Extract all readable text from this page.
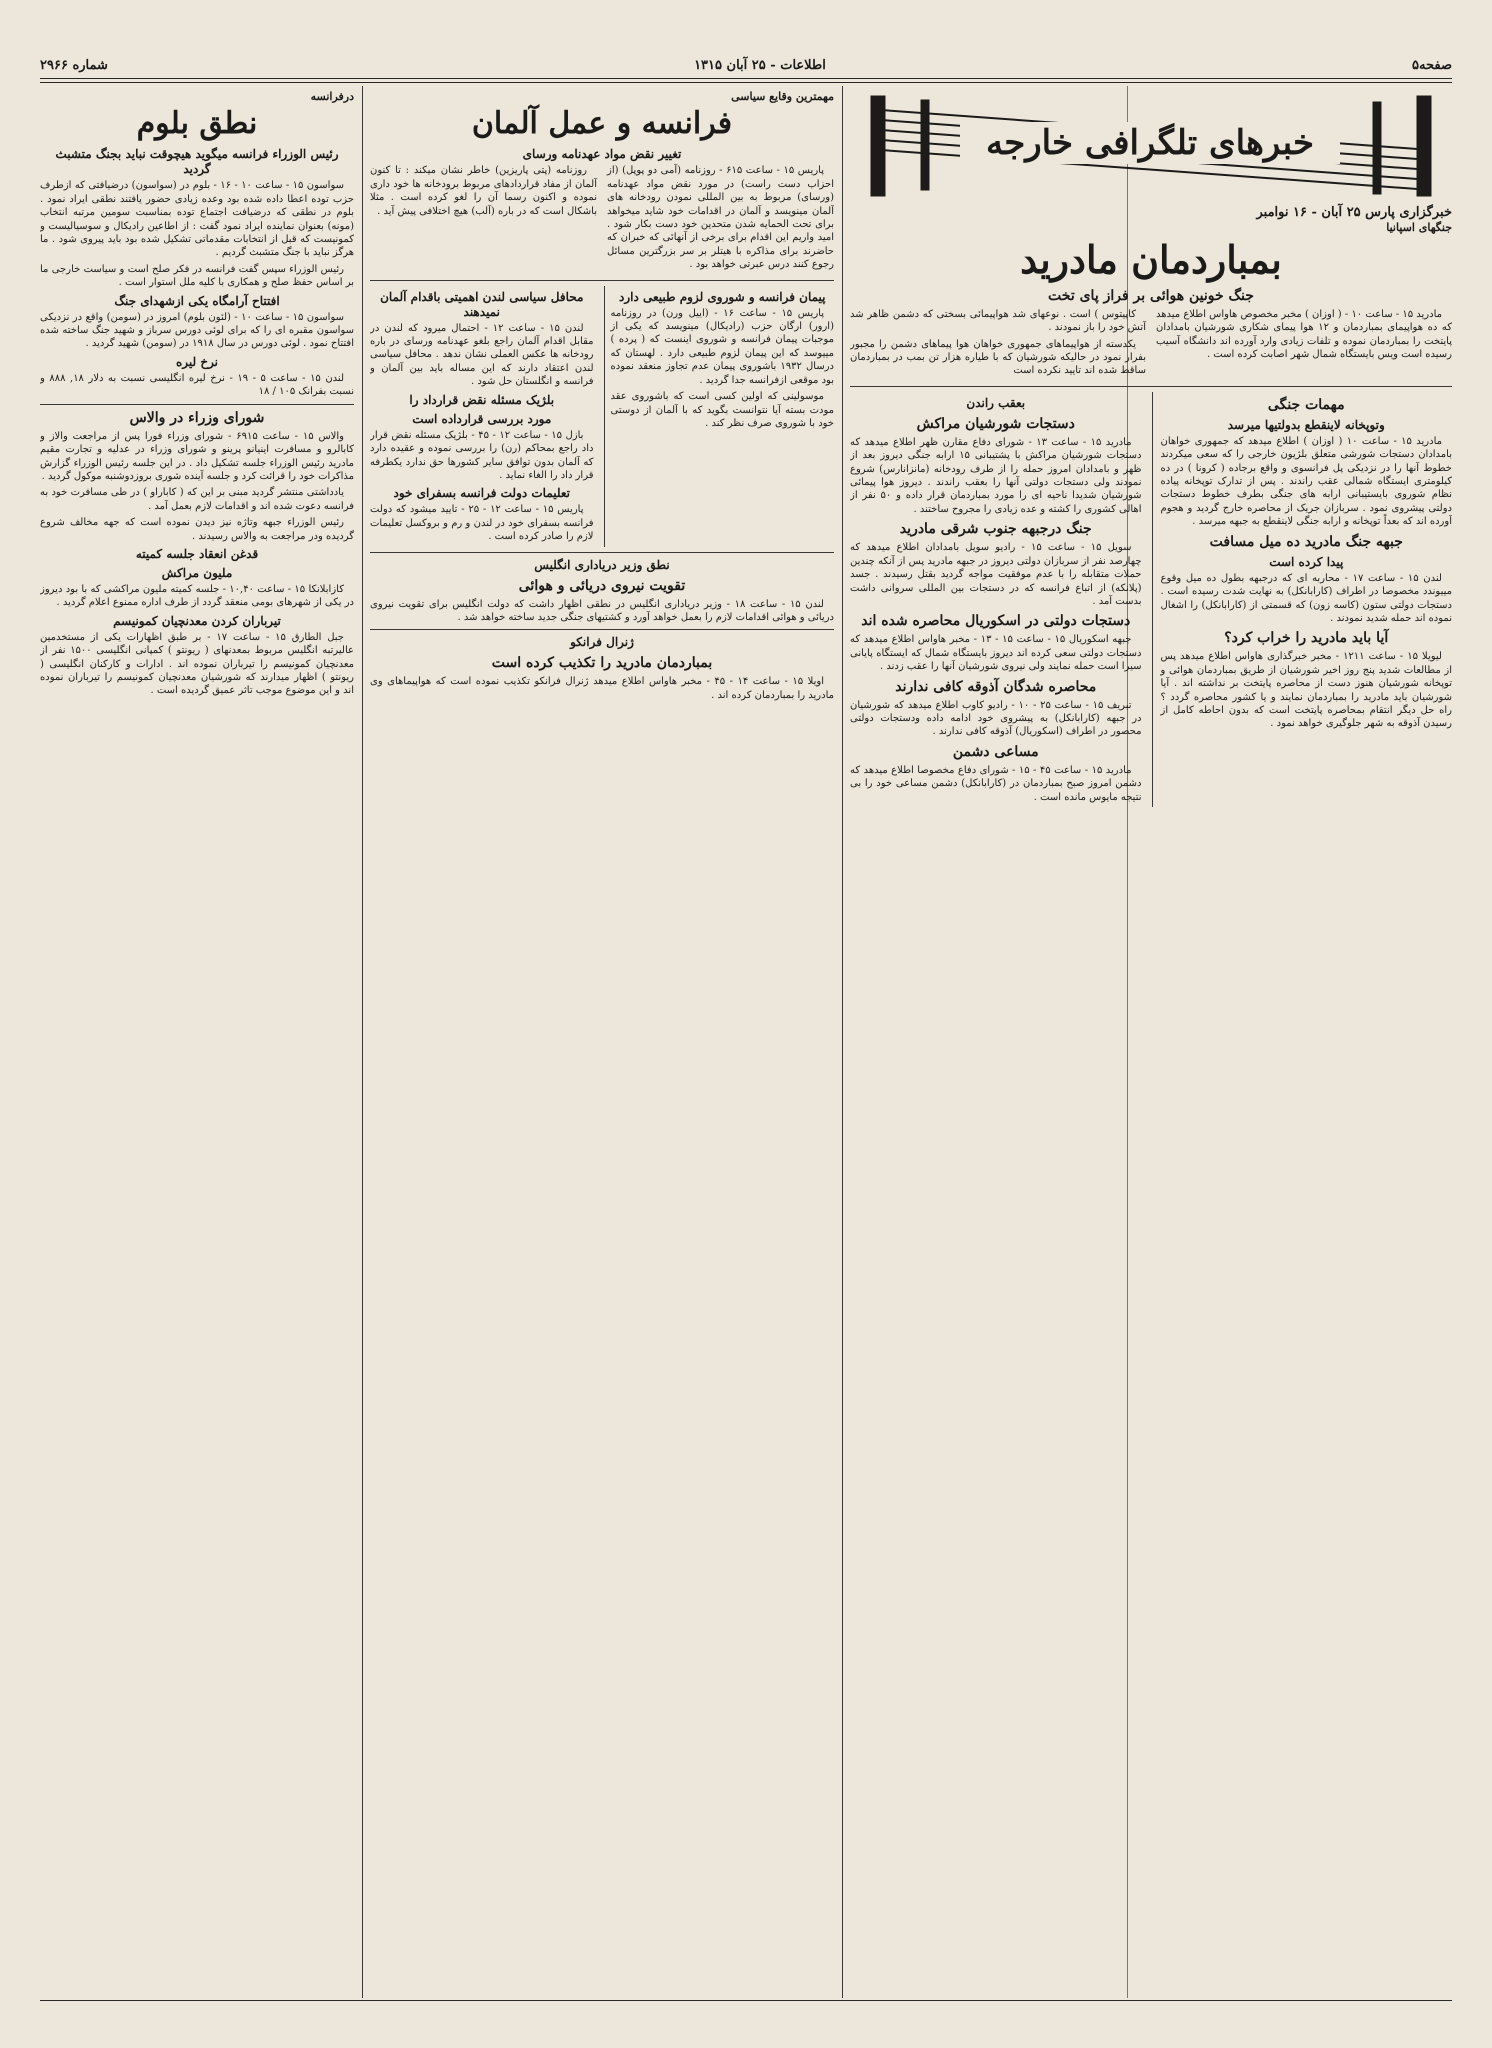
صفحه۵
اطلاعات - ۲۵ آبان ۱۳۱۵
شماره ۲۹۶۶
خبرهای تلگرافی خارجه
خبرگزاری پارس ۲۵ آبان - ۱۶ نوامبر
جنگهای اسپانیا
بمباردمان مادرید
جنگ خونین هوائی بر فراز پای تخت

مادرید ۱۵ - ساعت ۱۰ - ( اوزان ) مخبر مخصوص هاواس اطلاع میدهد که ده هواپیمای بمباردمان و ۱۲ هوا پیمای شکاری شورشیان بامدادان پایتخت را بمباردمان نموده و تلفات زیادی وارد آورده اند دانشگاه آسیب رسیده است ویس بایستگاه شمال شهر اصابت کرده است .

کاپیتوس ) است . نوعهای شد هواپیمائی بسختی که دشمن ظاهر شد آتش خود را باز نمودند .

یکدسته از هواپیماهای جمهوری خواهان هوا پیماهای دشمن را مجبور بفرار نمود در حالیکه شورشیان که با طیاره هزار تن بمب در بمباردمان ساقط شده اند تایید نکرده است

مهمات جنگی
وتوپخانه لاینقطع بدولتیها میرسد

مادرید ۱۵ - ساعت ۱۰ ( اوزان ) اطلاع میدهد که جمهوری خواهان بامدادان دستجات شورشی متعلق بلژیون خارجی را که سعی میکردند خطوط آنها را در نزدیکی پل فرانسوی و واقع برجاده ( کرونا ) در ده کیلومتری ایستگاه شمالی عقب راندند . پس از تدارک توپخانه پیاده نظام شوروی بایستیبانی ارابه های جنگی بطرف خطوط دستجات دولتی پیشروی نمود . سربازان جریک از محاصره خارج گردید و هجوم آورده اند که بعداً توپخانه و ارابه جنگی لاینقطع به جبهه میرسد .

جبهه جنگ مادرید ده میل مسافت
پیدا کرده است

لندن ۱۵ - ساعت ۱۷ - محاربه ای که درجبهه بطول ده میل وقوع مییوندد مخصوصا در اطراف (کارابانکل) به نهایت شدت رسیده است . دستجات دولتی ستون (کاسه زون) که قسمتی از (کارابانکل) را اشغال نموده اند حمله شدید نمودند .

آیا باید مادرید را خراب کرد؟

لیویلا ۱۵ - ساعت ۱۲۱۱ - مخبر خبرگذاری هاواس اطلاع میدهد پس از مطالعات شدید پنج روز اخیر شورشیان از طریق بمباردمان هوائی و توپخانه شورشیان هنوز دست از محاصره پایتخت بر نداشته اند . آیا شورشیان باید مادرید را بمباردمان نمایند و یا کشور محاصره گردد ؟ راه حل دیگر انتقام بمحاصره پایتخت است که بدون احاطه کامل از رسیدن آذوقه به شهر جلوگیری خواهد نمود .

بعقب راندن
دستجات شورشیان مراکش

مادرید ۱۵ - ساعت ۱۳ - شورای دفاع مقارن ظهر اطلاع میدهد که دستجات شورشیان مراکش با پشتیبانی ۱۵ ارابه جنگی دیروز بعد از ظهر و بامدادان امروز حمله را از طرف رودخانه (مانزانارس) شروع نمودند ولی دستجات دولتی آنها را بعقب راندند . دیروز هوا پیمائی شورشیان شدیدا ناحیه ای را مورد بمباردمان قرار داده و ۵۰ نفر از اهالی کشوری را کشته و عده زیادی را مجروح ساختند .

جنگ درجبهه جنوب شرقی مادرید

سویل ۱۵ - ساعت ۱۵ - رادیو سویل بامدادان اطلاع میدهد که چهارصد نفر از سربازان دولتی دیروز در جبهه مادرید پس از آنکه چندین حملات متقابله را با عدم موفقیت مواجه گردید بقتل رسیدند . جسد (پلانکه) از اتباع فرانسه که در دستجات بین المللی سروانی داشت بدست آمد .

دستجات دولتی در اسکوریال محاصره شده اند

جبهه اسکوریال ۱۵ - ساعت ۱۵ - ۱۳ - مخبر هاواس اطلاع میدهد که دستجات دولتی سعی کرده اند دیروز بایستگاه شمال که ایستگاه پایانی سیرا است حمله نمایند ولی نیروی شورشیان آنها را عقب زدند .

محاصره شدگان آذوقه کافی ندارند

تبریف ۱۵ - ساعت ۲۵ - ۱۰ - رادیو کاوب اطلاع میدهد که شورشیان در جبهه (کارابانکل) به پیشروی خود ادامه داده ودستجات دولتی محصور در اطراف (اسکوریال) آذوقه کافی ندارند .

مساعی دشمن

مادرید ۱۵ - ساعت ۴۵ - ۱۵ - شورای دفاع مخصوصا اطلاع میدهد که دشمن امروز صبح بمباردمان در (کارابانکل) دشمن مساعی خود را بی نتیجه مایوس مانده است .

مهمترین وقایع سیاسی
فرانسه و عمل آلمان
تغییر نقض مواد عهدنامه ورسای

پاریس ۱۵ - ساعت ۶۱۵ - روزنامه (آمی دو پوپل) (از احزاب دست راست) در مورد نقض مواد عهدنامه (ورسای) مربوط به بین المللی نمودن رودخانه های آلمان مینویسد و آلمان در اقدامات خود شاید میخواهد برای تحت الحمایه شدن متحدین خود دست بکار شود . امید واریم این اقدام برای برخی از آنهائی که خبران که حاضرند برای مذاکره با هیتلر بر سر بزرگترین مسائل رجوع کنند درس عبرتی خواهد بود .

روزنامه (پتی پاریزین) خاطر نشان میکند : تا کنون آلمان از مفاد قراردادهای مربوط برودخانه ها خود داری نموده و اکنون رسما آن را لغو کرده است . مثلا باشکال است که در باره (آلب) هیچ اختلافی پیش آید .

پیمان فرانسه و شوروی لزوم طبیعی دارد

پاریس ۱۵ - ساعت ۱۶ - (اییل ورن) در روزنامه (ارور) ارگان حزب (رادیکال) مینویسد که یکی از موجبات پیمان فرانسه و شوروی اینست که ( پرده ) مییوسد که این پیمان لزوم طبیعی دارد . لهستان که درسال ۱۹۳۲ باشوروی پیمان عدم تجاوز منعقد نموده بود موقعی ازفرانسه جدا گردید .

موسولینی که اولین کسی است که باشوروی عقد مودت بسته آیا نتوانست بگوید که با آلمان از دوستی خود با شوروی صرف نظر کند .

محافل سیاسی لندن اهمیتی باقدام آلمان نمیدهند

لندن ۱۵ - ساعت ۱۲ - احتمال میرود که لندن در مقابل اقدام آلمان راجع بلغو عهدنامه ورسای در باره رودخانه ها عکس العملی نشان ندهد . محافل سیاسی لندن اعتقاد دارند که این مساله باید بین آلمان و فرانسه و انگلستان حل شود .

بلژیک مسئله نقض قرارداد را
مورد بررسی قرارداده است

بازل ۱۵ - ساعت ۱۲ - ۴۵ - بلژیک مسئله نقض قرار داد راجع بمحاکم (رن) را بررسی نموده و عقیده دارد که آلمان بدون توافق سایر کشورها حق ندارد یکطرفه قرار داد را الغاء نماید .

تعلیمات دولت فرانسه بسفرای خود

پاریس ۱۵ - ساعت ۱۲ - ۲۵ - تایید میشود که دولت فرانسه بسفرای خود در لندن و رم و بروکسل تعلیمات لازم را صادر کرده است .

نطق وزیر دریاداری انگلیس
تقویت نیروی دریائی و هوائی

لندن ۱۵ - ساعت ۱۸ - وزیر دریاداری انگلیس در نطقی اظهار داشت که دولت انگلیس برای تقویت نیروی دریائی و هوائی اقدامات لازم را بعمل خواهد آورد و کشتیهای جنگی جدید ساخته خواهد شد .

ژنرال فرانکو
بمباردمان مادرید را تکذیب کرده است

اویلا ۱۵ - ساعت ۱۴ - ۴۵ - مخبر هاواس اطلاع میدهد ژنرال فرانکو تکذیب نموده است که هواپیماهای وی مادرید را بمباردمان کرده اند .

درفرانسه
نطق بلوم
رئیس الوزراء فرانسه میگوید هیچوقت نباید بجنگ متشبث گردید

سواسون ۱۵ - ساعت ۱۰ - ۱۶ - بلوم در (سواسون) درضیافتی که ازطرف حزب توده اعطا داده شده بود وعده زیادی حضور یافتند نطقی ایراد نمود . بلوم در نطقی که درضیافت اجتماع توده بمناسبت سومین مرتبه انتخاب (مونه) بعنوان نماینده ایراد نمود گفت : از اطاعین رادیکال و سوسیالیست و کمونیست که قبل از انتخابات مقدماتی تشکیل شده بود باید پیروی شود . ما هرگز نباید با جنگ متشبث گردیم .

رئیس الوزراء سپس گفت فرانسه در فکر صلح است و سیاست خارجی ما بر اساس حفظ صلح و همکاری با کلیه ملل استوار است .

افتتاح آرامگاه یکی ازشهدای جنگ

سواسون ۱۵ - ساعت ۱۰ - (لئون بلوم) امروز در (سومن) واقع در نزدیکی سواسون مقبره ای را که برای لوئی دورس سرباز و شهید جنگ ساخته شده افتتاح نمود . لوئی دورس در سال ۱۹۱۸ در (سومن) شهید گردید .

نرخ لیره

لندن ۱۵ - ساعت ۵ - ۱۹ - نرخ لیره انگلیسی نسبت به دلار ۱۸, ۸۸۸ و نسبت بفرانک ۱۰۵ / ۱۸

شورای وزراء در والاس

والاس ۱۵ - ساعت ۶۹۱۵ - شورای وزراء فورا پس از مراجعت والاز و کابالرو و مسافرت اینیانو پرینو و شورای وزراء در عدلیه و تجارت مقیم مادرید رئیس الوزراء جلسه تشکیل داد . در این جلسه رئیس الوزراء گزارش مذاکرات خود را قرائت کرد و جلسه آینده شوری بروزدوشنبه موکول گردید .

یادداشتی منتشر گردید مبنی بر این که ( کاباراو ) در طی مسافرت خود به فرانسه دعوت شده اند و اقدامات لازم بعمل آمد .

رئیس الوزراء جبهه وتاژه نیز دیدن نموده است که جهه مخالف شروع گردیده ودر مراجعت به والاس رسیدند .

قدغن انعقاد جلسه کمیته
ملیون مراکش

کازابلانکا ۱۵ - ساعت ۱۰,۴۰ - جلسه کمیته ملیون مراکشی که با بود دیروز در یکی از شهرهای بومی منعقد گردد از طرف اداره ممنوع اعلام گردید .

تیرباران کردن معدنچیان کمونیسم

جبل الطارق ۱۵ - ساعت ۱۷ - بر طبق اظهارات یکی از مستخدمین عالیرتبه انگلیس مربوط بمعدنهای ( ریونتو ) کمپانی انگلیسی ۱۵۰۰ نفر از معدنچیان کمونیسم را تیرباران نموده اند . ادارات و کارکنان انگلیسی ( ریونتو ) اظهار میدارند که شورشیان معدنچیان کمونیسم را تیرباران نموده اند و این موضوع موجب تاثر عمیق گردیده است .
